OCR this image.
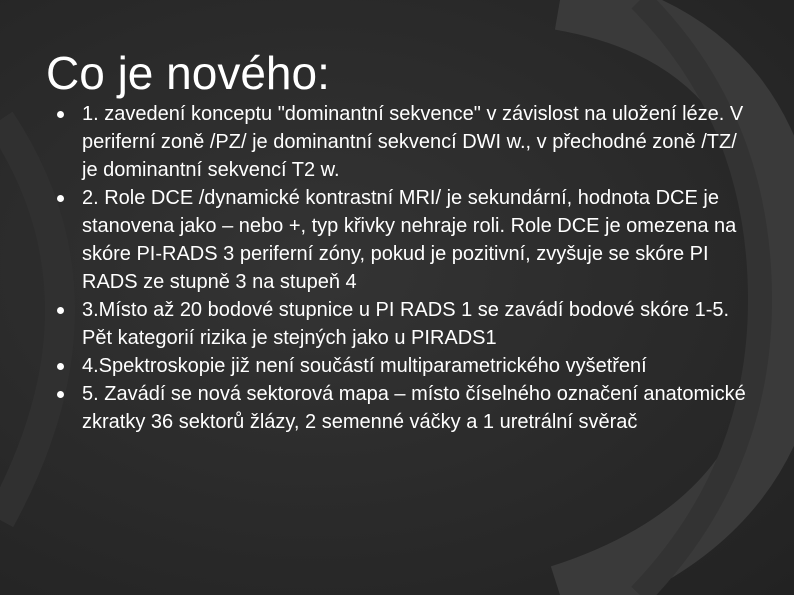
Co je nového:
1. zavedení konceptu "dominantní sekvence" v závislost na uložení léze. V periferní zoně /PZ/ je dominantní sekvencí DWI w., v přechodné zoně /TZ/ je dominantní sekvencí T2 w.
2. Role DCE /dynamické kontrastní MRI/ je sekundární, hodnota DCE je stanovena jako – nebo +, typ křivky nehraje roli. Role DCE je omezena na skóre PI-RADS 3 periferní zóny, pokud je pozitivní, zvyšuje se skóre PI RADS ze stupně 3 na stupeň 4
3.Místo až 20 bodové stupnice u PI RADS 1 se zavádí bodové skóre 1-5. Pět kategorií rizika je stejných jako u PIRADS1
4.Spektroskopie již není součástí multiparametrického vyšetření
5. Zavádí se nová sektorová mapa – místo číselného označení anatomické zkratky 36 sektorů žlázy, 2 semenné váčky a 1 uretrální svěrač
